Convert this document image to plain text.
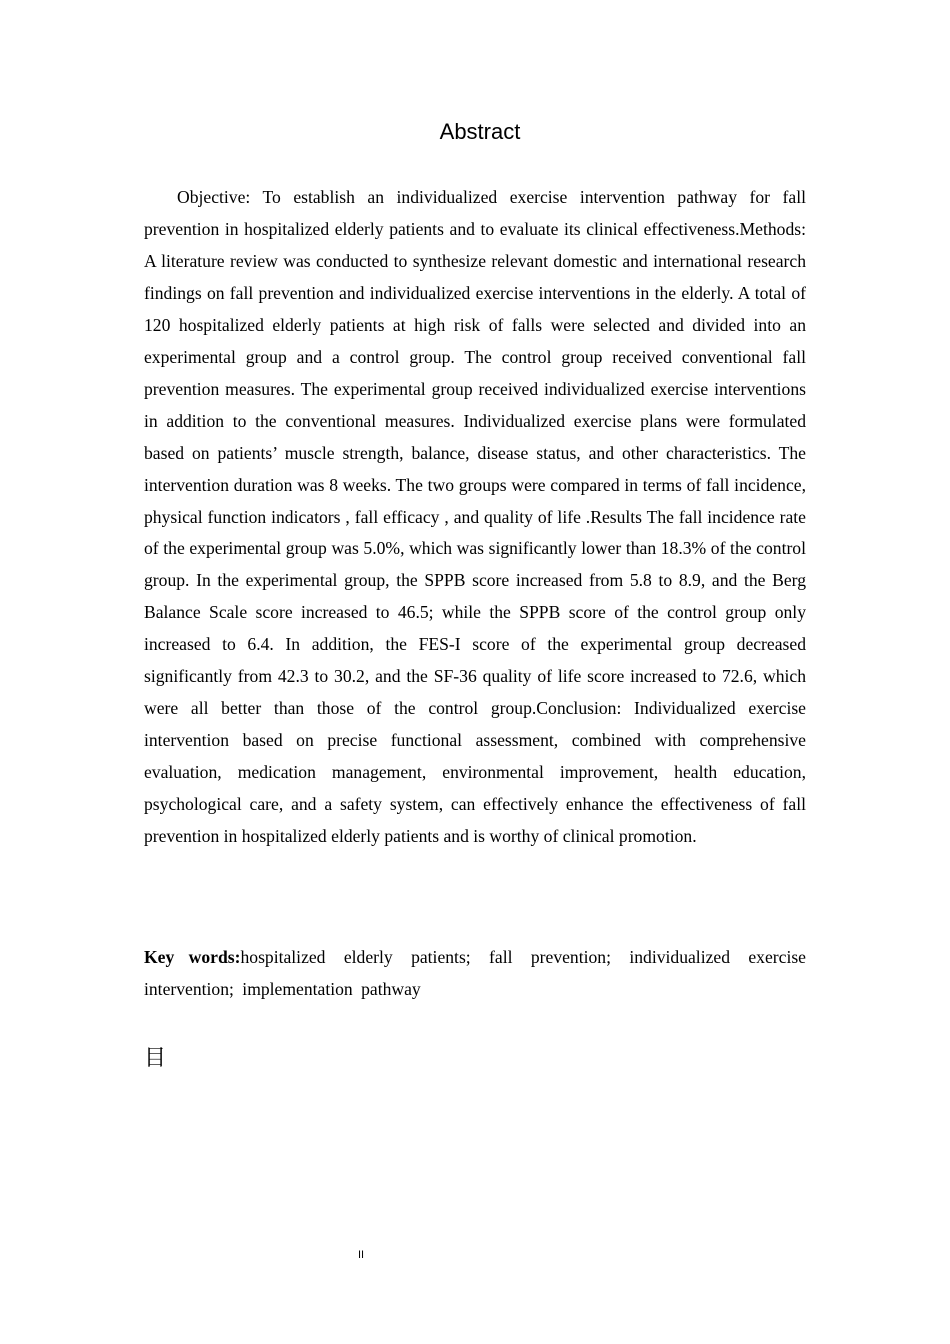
Abstract

Objective: To establish an individualized exercise intervention pathway for fall prevention in hospitalized elderly patients and to evaluate its clinical effectiveness.Methods: A literature review was conducted to synthesize relevant domestic and international research findings on fall prevention and individualized exercise interventions in the elderly. A total of 120 hospitalized elderly patients at high risk of falls were selected and divided into an experimental group and a control group. The control group received conventional fall prevention measures. The experimental group received individualized exercise interventions in addition to the conventional measures. Individualized exercise plans were formulated based on patients’ muscle strength, balance, disease status, and other characteristics. The intervention duration was 8 weeks. The two groups were compared in terms of fall incidence, physical function indicators , fall efficacy , and quality of life .Results The fall incidence rate of the experimental group was 5.0%, which was significantly lower than 18.3% of the control group. In the experimental group, the SPPB score increased from 5.8 to 8.9, and the Berg Balance Scale score increased to 46.5; while the SPPB score of the control group only increased to 6.4. In addition, the FES-I score of the experimental group decreased significantly from 42.3 to 30.2, and the SF-36 quality of life score increased to 72.6, which were all better than those of the control group.Conclusion: Individualized exercise intervention based on precise functional assessment, combined with comprehensive evaluation, medication management, environmental improvement, health education, psychological care, and a safety system, can effectively enhance the effectiveness of fall prevention in hospitalized elderly patients and is worthy of clinical promotion.

Key words:hospitalized elderly patients; fall prevention; individualized exercise intervention; implementation pathway

目
II
